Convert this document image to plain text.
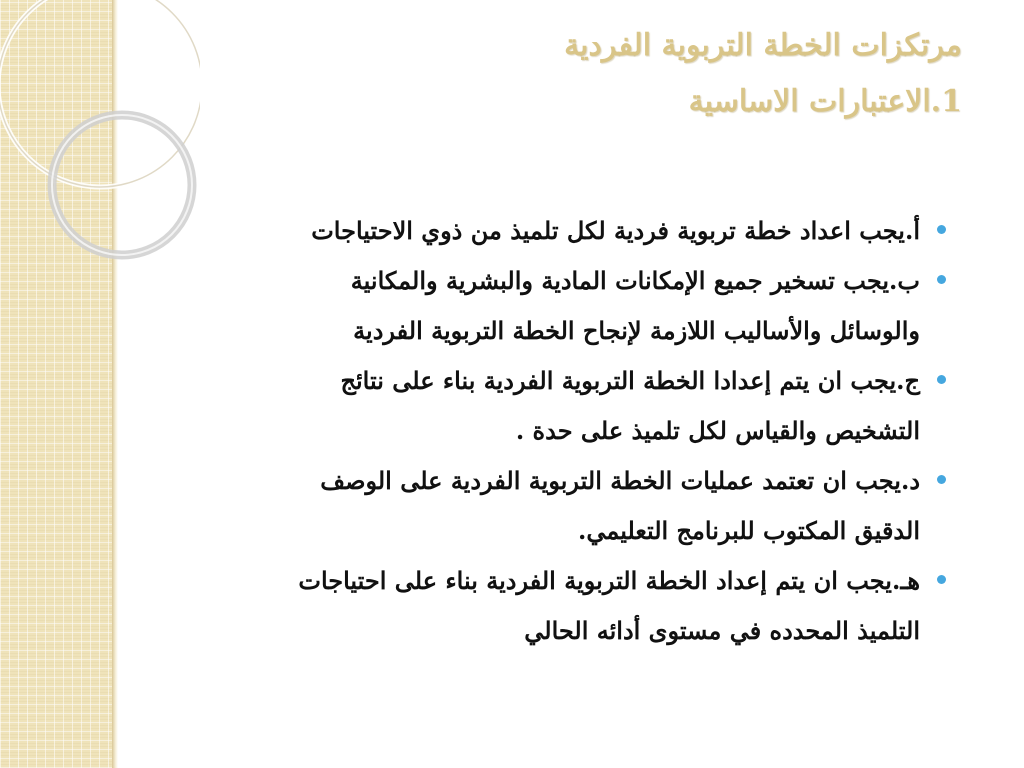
مرتكزات الخطة التربوية الفردية
1.الاعتبارات الاساسية
أ.يجب اعداد خطة تربوية فردية لكل تلميذ من ذوي الاحتياجات
ب.يجب تسخير جميع الإمكانات المادية والبشرية والمكانية
والوسائل والأساليب اللازمة لإنجاح الخطة التربوية الفردية
ج.يجب ان يتم إعدادا الخطة التربوية الفردية بناء على نتائج
التشخيص والقياس لكل تلميذ على حدة .
د.يجب ان تعتمد عمليات الخطة التربوية الفردية على الوصف
الدقيق المكتوب للبرنامج التعليمي.
هـ.يجب ان يتم إعداد الخطة التربوية الفردية بناء على احتياجات
التلميذ المحدده في مستوى أدائه الحالي
